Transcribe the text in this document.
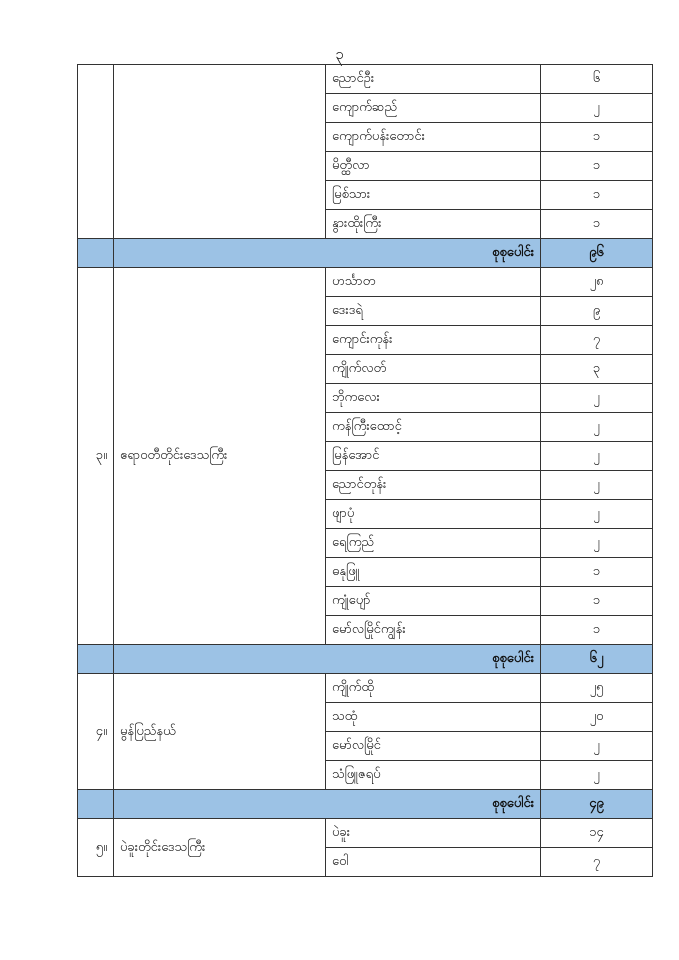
၃
		ညောင်ဦး	၆
		ကျောက်ဆည်	၂
		ကျောက်ပန်းတောင်း	၁
		မိတ္ထီလာ	၁
		မြစ်သား	၁
		နွားထိုးကြီး	၁
	စုစုပေါင်း		၉၆
၃။	ဧရာဝတီတိုင်းဒေသကြီး	ဟင်္သာတ	၂၈
		ဒေးဒရဲ	၉
		ကျောင်းကုန်း	၇
		ကျိုက်လတ်	၃
		ဘိုကလေး	၂
		ကန်ကြီးထောင့်	၂
		မြန်အောင်	၂
		ညောင်တုန်း	၂
		ဖျာပုံ	၂
		ရေကြည်	၂
		ဓနုဖြူ	၁
		ကျုံပျော်	၁
		မော်လမြိုင်ကျွန်း	၁
	စုစုပေါင်း		၆၂
၄။	မွန်ပြည်နယ်	ကျိုက်ထို	၂၅
		သထုံ	၂၀
		မော်လမြိုင်	၂
		သံဖြူဇရပ်	၂
	စုစုပေါင်း		၄၉
၅။	ပဲခူးတိုင်းဒေသကြီး	ပဲခူး	၁၄
		ဝေါ	၇
